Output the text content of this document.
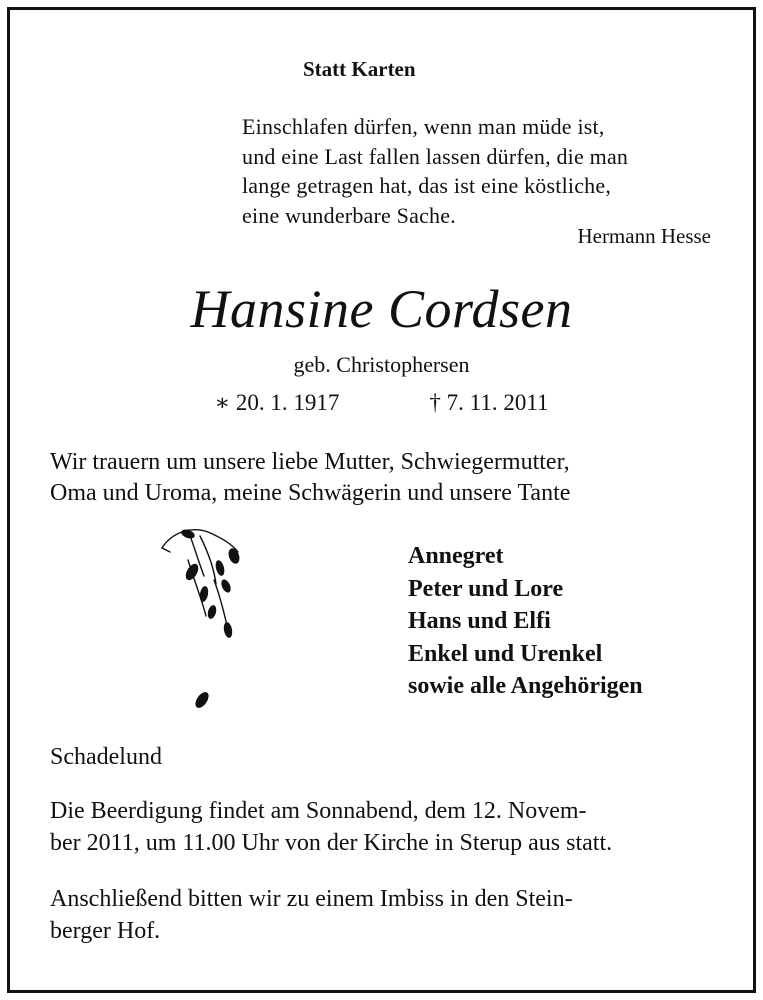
Statt Karten
Einschlafen dürfen, wenn man müde ist,
und eine Last fallen lassen dürfen, die man
lange getragen hat, das ist eine köstliche,
eine wunderbare Sache.
Hermann Hesse
Hansine Cordsen
geb. Christophersen
∗ 20. 1. 1917	† 7. 11. 2011
Wir trauern um unsere liebe Mutter, Schwiegermutter,
Oma und Uroma, meine Schwägerin und unsere Tante
Annegret
Peter und Lore
Hans und Elfi
Enkel und Urenkel
sowie alle Angehörigen
Schadelund
Die Beerdigung findet am Sonnabend, dem 12. Novem-
ber 2011, um 11.00 Uhr von der Kirche in Sterup aus statt.
Anschließend bitten wir zu einem Imbiss in den Stein-
berger Hof.
